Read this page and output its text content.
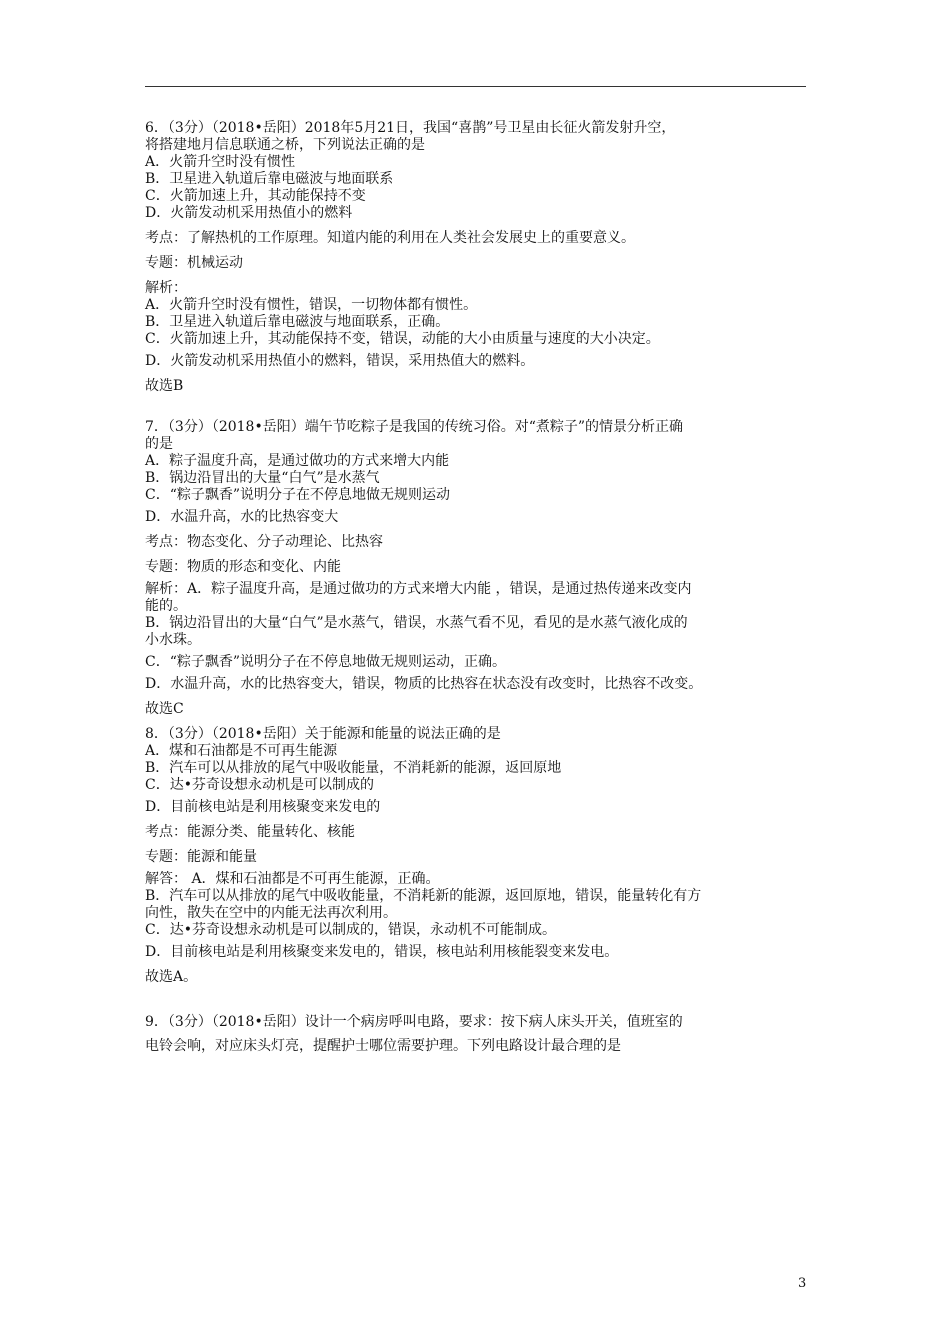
6．（3分）（2018•岳阳）2018年5月21日，我国“喜鹊”号卫星由长征火箭发射升空，
将搭建地月信息联通之桥，下列说法正确的是
A．火箭升空时没有惯性
B．卫星进入轨道后靠电磁波与地面联系
C．火箭加速上升，其动能保持不变
D．火箭发动机采用热值小的燃料
考点：了解热机的工作原理。知道内能的利用在人类社会发展史上的重要意义。
专题：机械运动
解析：
A．火箭升空时没有惯性，错误，一切物体都有惯性。
B．卫星进入轨道后靠电磁波与地面联系，正确。
C．火箭加速上升，其动能保持不变，错误，动能的大小由质量与速度的大小决定。
D．火箭发动机采用热值小的燃料，错误，采用热值大的燃料。
故选B
7．（3分）（2018•岳阳）端午节吃粽子是我国的传统习俗。对“煮粽子”的情景分析正确
的是
A．粽子温度升高，是通过做功的方式来增大内能
B．锅边沿冒出的大量“白气”是水蒸气
C．“粽子飘香”说明分子在不停息地做无规则运动
D．水温升高，水的比热容变大
考点：物态变化、分子动理论、比热容
专题：物质的形态和变化、内能
解析：A．粽子温度升高，是通过做功的方式来增大内能 ，错误，是通过热传递来改变内
能的。
B．锅边沿冒出的大量“白气”是水蒸气，错误，水蒸气看不见，看见的是水蒸气液化成的
小水珠。
C．“粽子飘香”说明分子在不停息地做无规则运动，正确。
D．水温升高，水的比热容变大，错误，物质的比热容在状态没有改变时，比热容不改变。
故选C
8．（3分）（2018•岳阳）关于能源和能量的说法正确的是
A．煤和石油都是不可再生能源
B．汽车可以从排放的尾气中吸收能量，不消耗新的能源，返回原地
C．达•芬奇设想永动机是可以制成的
D．目前核电站是利用核聚变来发电的
考点：能源分类、能量转化、核能
专题：能源和能量
解答： A．煤和石油都是不可再生能源，正确。
B．汽车可以从排放的尾气中吸收能量，不消耗新的能源，返回原地，错误，能量转化有方
向性，散失在空中的内能无法再次利用。
C．达•芬奇设想永动机是可以制成的，错误，永动机不可能制成。
D．目前核电站是利用核聚变来发电的，错误，核电站利用核能裂变来发电。
故选A。
9．（3分）（2018•岳阳）设计一个病房呼叫电路，要求：按下病人床头开关，值班室的
电铃会响，对应床头灯亮，提醒护士哪位需要护理。下列电路设计最合理的是
3
